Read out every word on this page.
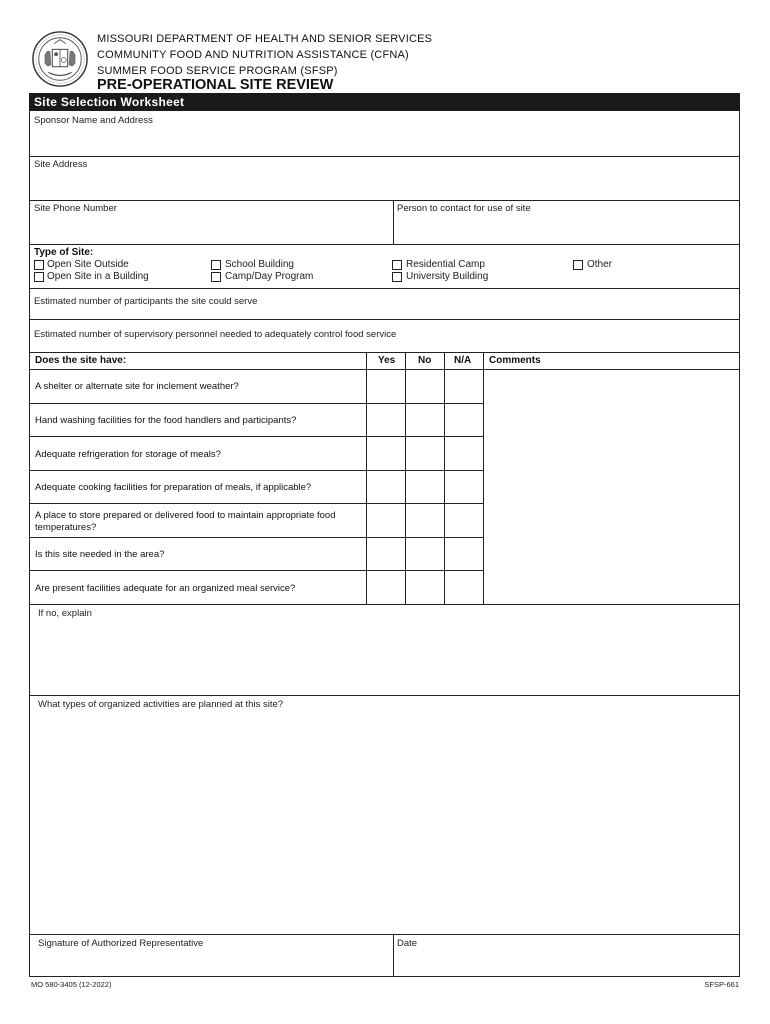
MISSOURI DEPARTMENT OF HEALTH AND SENIOR SERVICES
COMMUNITY FOOD AND NUTRITION ASSISTANCE (CFNA)
SUMMER FOOD SERVICE PROGRAM (SFSP)
PRE-OPERATIONAL SITE REVIEW
Site Selection Worksheet
Sponsor Name and Address
Site Address
Site Phone Number	Person to contact for use of site
Type of Site:
Open Site Outside
Open Site in a Building
School Building
Camp/Day Program
Residential Camp
University Building
Other
Estimated number of participants the site could serve
Estimated number of supervisory personnel needed to adequately control food service
Does the site have:	Yes No N/A Comments
A shelter or alternate site for inclement weather?
Hand washing facilities for the food handlers and participants?
Adequate refrigeration for storage of meals?
Adequate cooking facilities for preparation of meals, if applicable?
A place to store prepared or delivered food to maintain appropriate food temperatures?
Is this site needed in the area?
Are present facilities adequate for an organized meal service?
If no, explain
What types of organized activities are planned at this site?
Signature of Authorized Representative	Date
MO 580-3405 (12-2022)	SFSP-661
